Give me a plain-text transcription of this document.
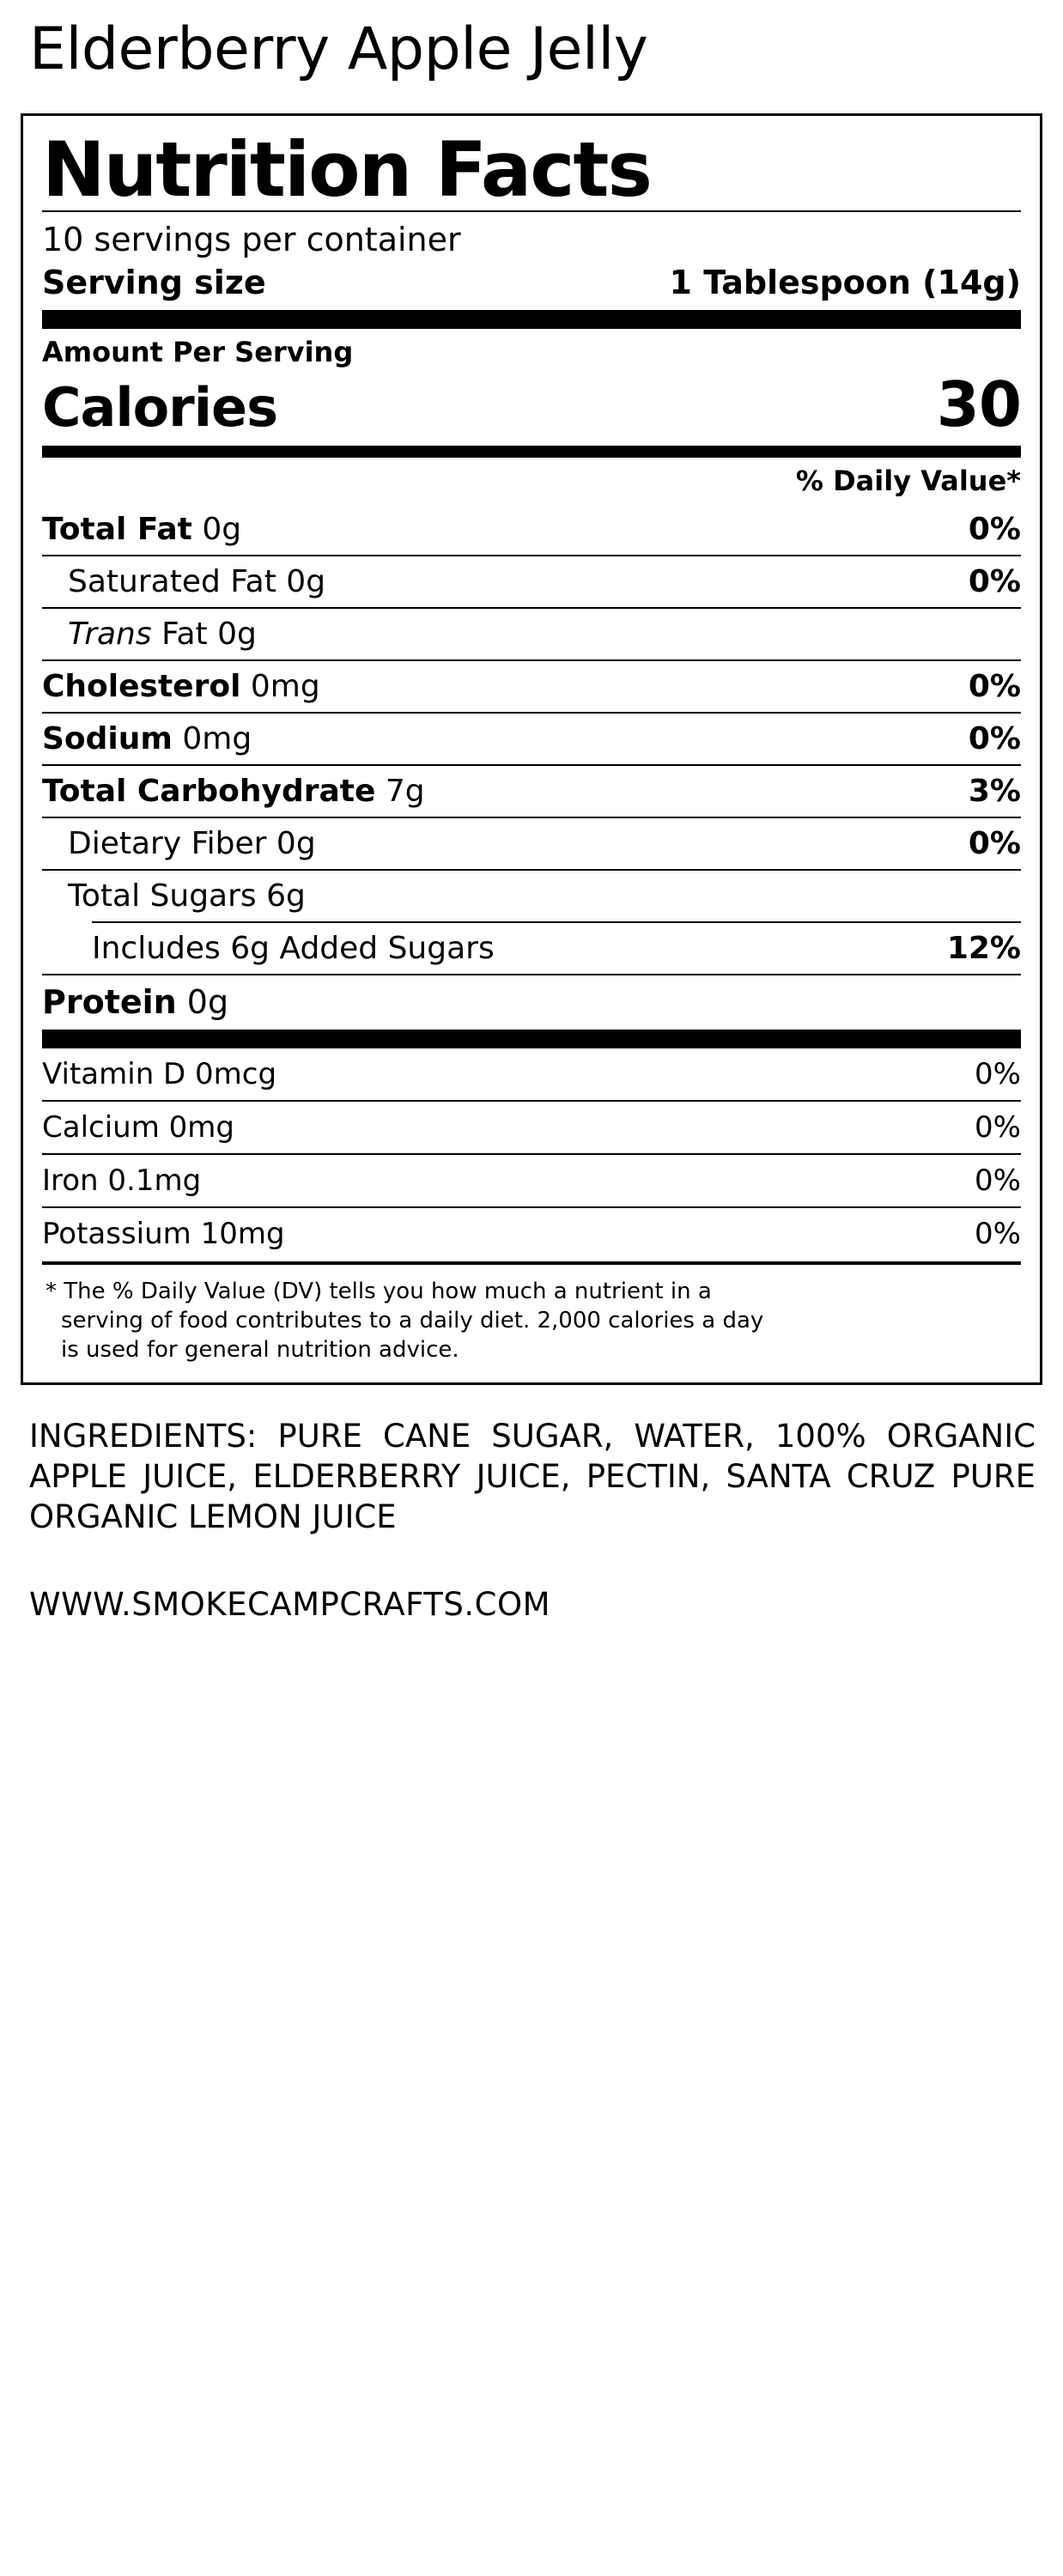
Elderberry Apple Jelly
Nutrition Facts
10 servings per container
Serving size	1 Tablespoon (14g)
Amount Per Serving
Calories	30
% Daily Value*
Total Fat 0g	0%
Saturated Fat 0g	0%
Trans Fat 0g
Cholesterol 0mg	0%
Sodium 0mg	0%
Total Carbohydrate 7g	3%
Dietary Fiber 0g	0%
Total Sugars 6g
Includes 6g Added Sugars	12%
Protein 0g
Vitamin D 0mcg	0%
Calcium 0mg	0%
Iron 0.1mg	0%
Potassium 10mg	0%
* The % Daily Value (DV) tells you how much a nutrient in a
serving of food contributes to a daily diet. 2,000 calories a day
is used for general nutrition advice.
INGREDIENTS: PURE CANE SUGAR, WATER, 100% ORGANIC APPLE JUICE, ELDERBERRY JUICE, PECTIN, SANTA CRUZ PURE ORGANIC LEMON JUICE
WWW.SMOKECAMPCRAFTS.COM
